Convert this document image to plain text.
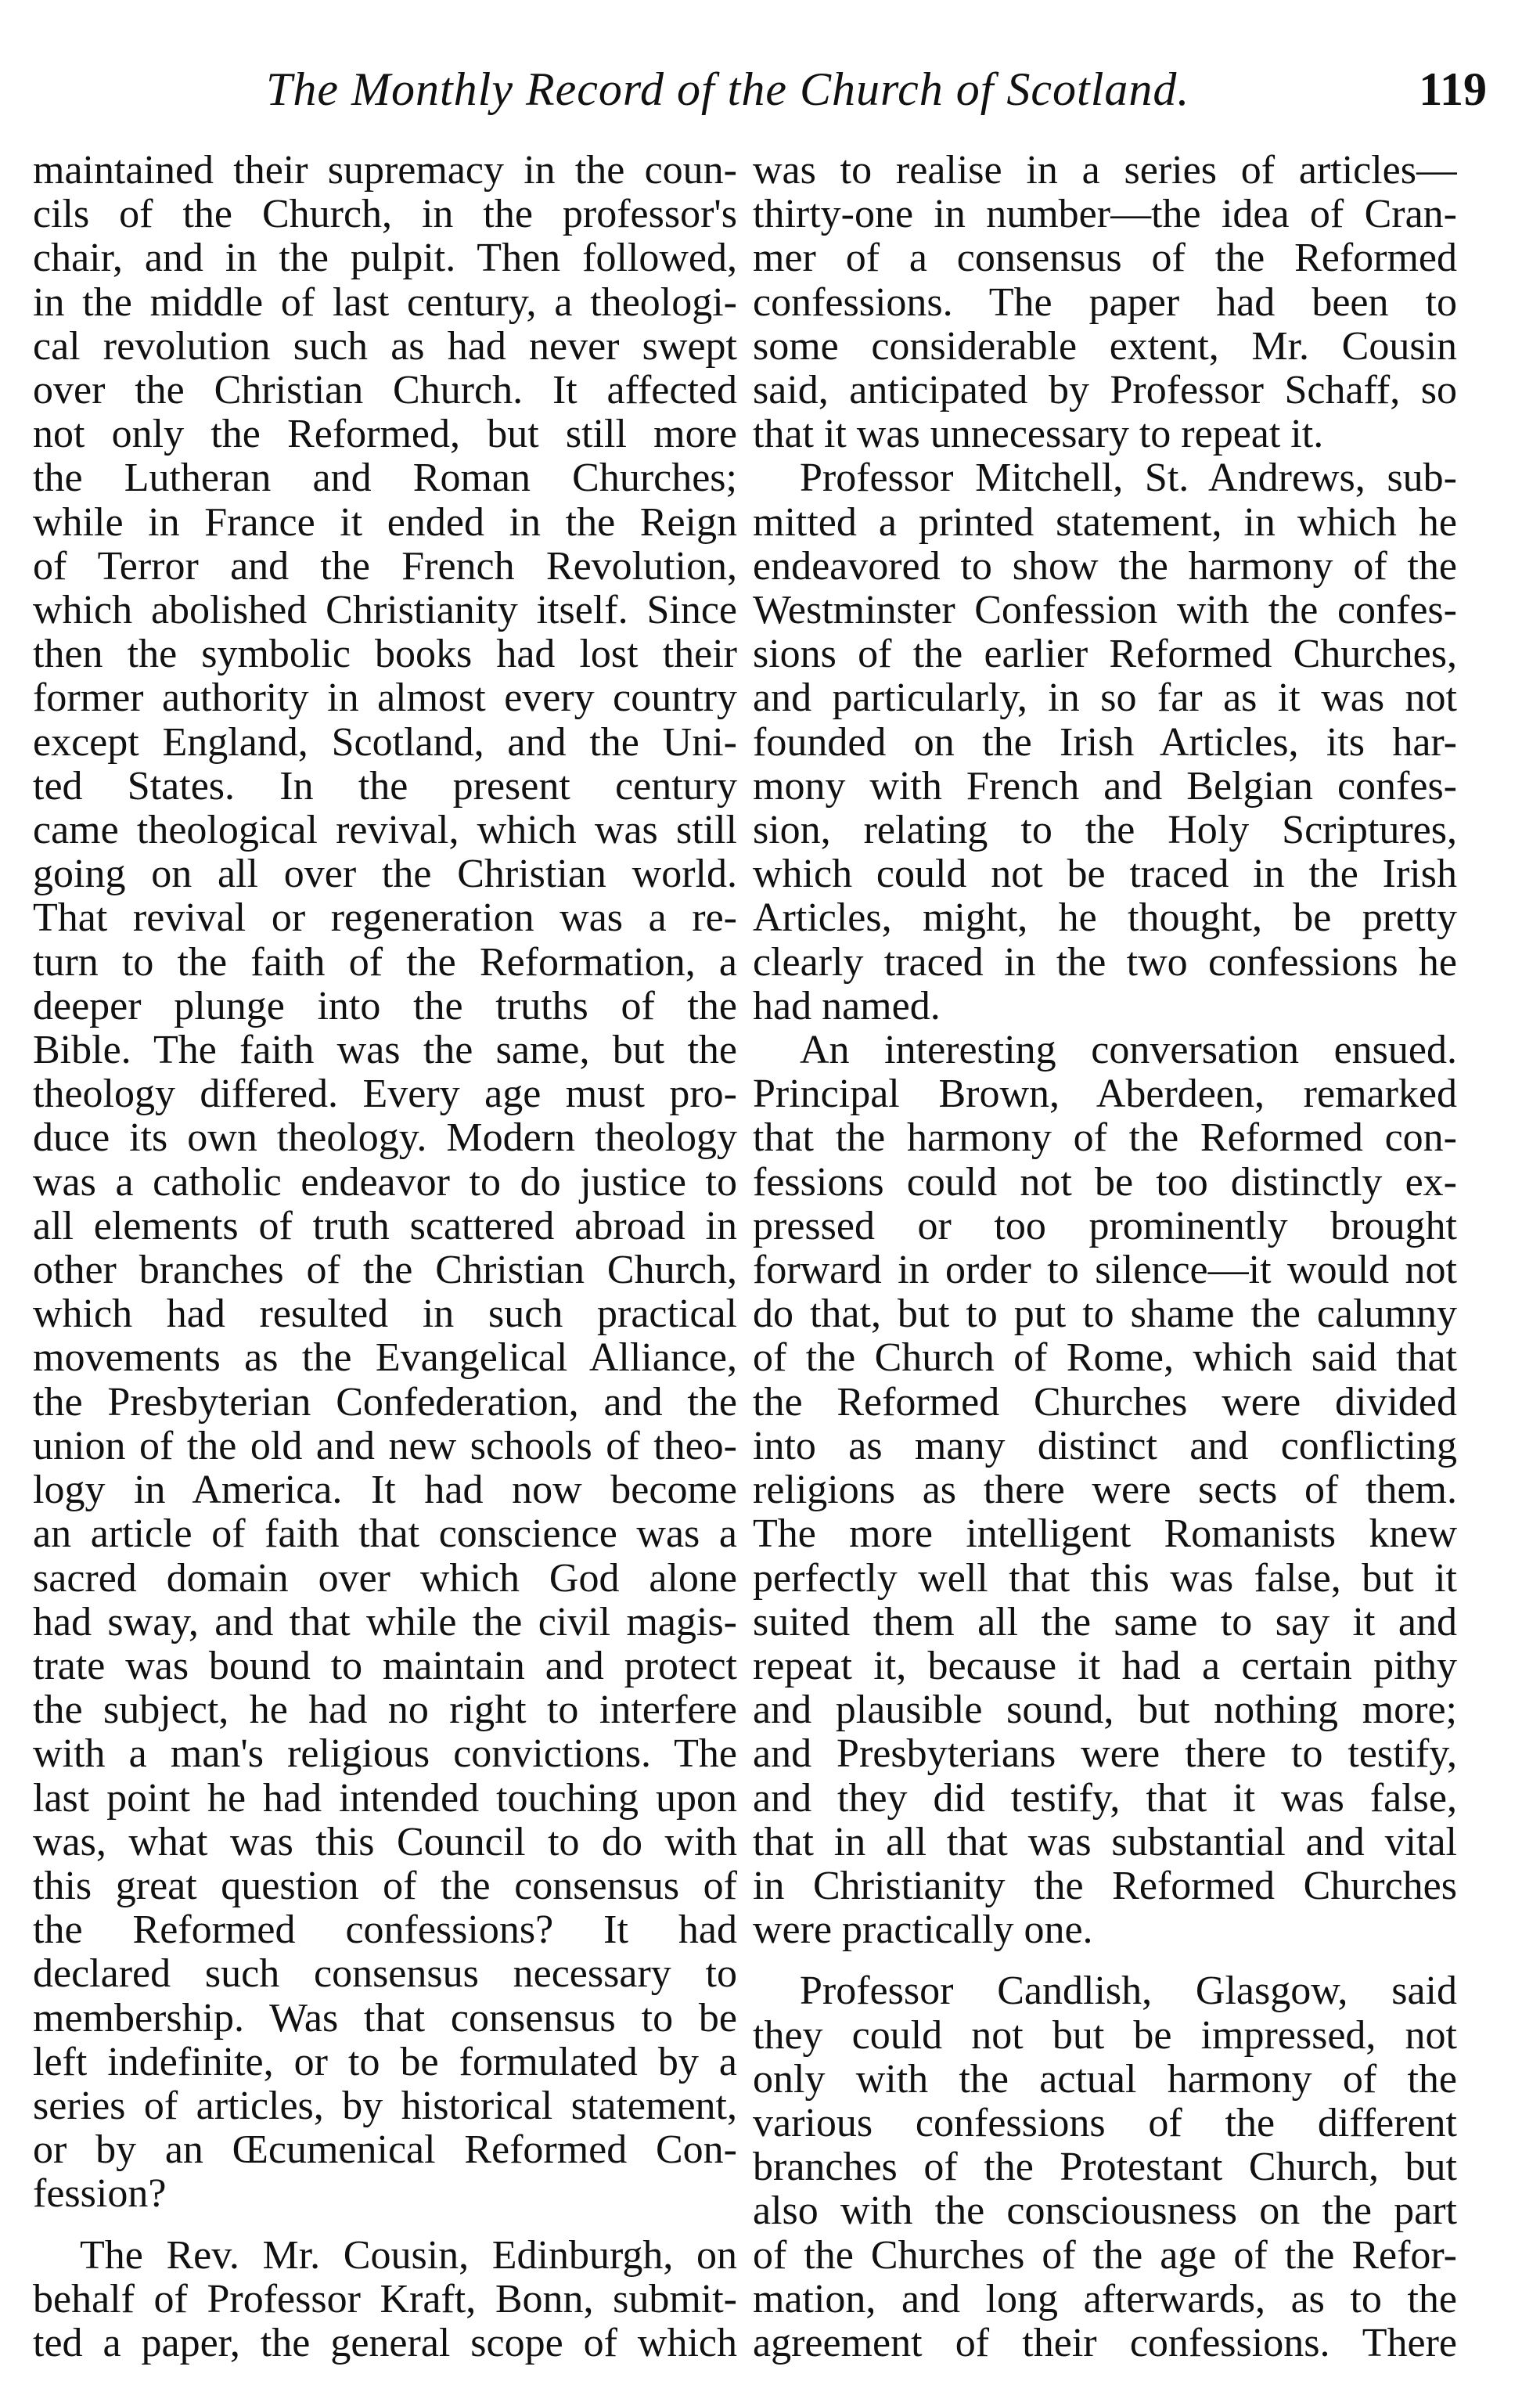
The Monthly Record of the Church of Scotland.	119
maintained their supremacy in the coun-
cils of the Church, in the professor's
chair, and in the pulpit. Then followed,
in the middle of last century, a theologi-
cal revolution such as had never swept
over the Christian Church. It affected
not only the Reformed, but still more
the Lutheran and Roman Churches;
while in France it ended in the Reign
of Terror and the French Revolution,
which abolished Christianity itself. Since
then the symbolic books had lost their
former authority in almost every country
except England, Scotland, and the Uni-
ted States. In the present century
came theological revival, which was still
going on all over the Christian world.
That revival or regeneration was a re-
turn to the faith of the Reformation, a
deeper plunge into the truths of the
Bible. The faith was the same, but the
theology differed. Every age must pro-
duce its own theology. Modern theology
was a catholic endeavor to do justice to
all elements of truth scattered abroad in
other branches of the Christian Church,
which had resulted in such practical
movements as the Evangelical Alliance,
the Presbyterian Confederation, and the
union of the old and new schools of theo-
logy in America. It had now become
an article of faith that conscience was a
sacred domain over which God alone
had sway, and that while the civil magis-
trate was bound to maintain and protect
the subject, he had no right to interfere
with a man's religious convictions. The
last point he had intended touching upon
was, what was this Council to do with
this great question of the consensus of
the Reformed confessions? It had
declared such consensus necessary to
membership. Was that consensus to be
left indefinite, or to be formulated by a
series of articles, by historical statement,
or by an Œcumenical Reformed Con-
fession?
The Rev. Mr. Cousin, Edinburgh, on
behalf of Professor Kraft, Bonn, submit-
ted a paper, the general scope of which
was to realise in a series of articles—
thirty-one in number—the idea of Cran-
mer of a consensus of the Reformed
confessions. The paper had been to
some considerable extent, Mr. Cousin
said, anticipated by Professor Schaff, so
that it was unnecessary to repeat it.
Professor Mitchell, St. Andrews, sub-
mitted a printed statement, in which he
endeavored to show the harmony of the
Westminster Confession with the confes-
sions of the earlier Reformed Churches,
and particularly, in so far as it was not
founded on the Irish Articles, its har-
mony with French and Belgian confes-
sion, relating to the Holy Scriptures,
which could not be traced in the Irish
Articles, might, he thought, be pretty
clearly traced in the two confessions he
had named.
An interesting conversation ensued.
Principal Brown, Aberdeen, remarked
that the harmony of the Reformed con-
fessions could not be too distinctly ex-
pressed or too prominently brought
forward in order to silence—it would not
do that, but to put to shame the calumny
of the Church of Rome, which said that
the Reformed Churches were divided
into as many distinct and conflicting
religions as there were sects of them.
The more intelligent Romanists knew
perfectly well that this was false, but it
suited them all the same to say it and
repeat it, because it had a certain pithy
and plausible sound, but nothing more;
and Presbyterians were there to testify,
and they did testify, that it was false,
that in all that was substantial and vital
in Christianity the Reformed Churches
were practically one.
Professor Candlish, Glasgow, said
they could not but be impressed, not
only with the actual harmony of the
various confessions of the different
branches of the Protestant Church, but
also with the consciousness on the part
of the Churches of the age of the Refor-
mation, and long afterwards, as to the
agreement of their confessions. There
